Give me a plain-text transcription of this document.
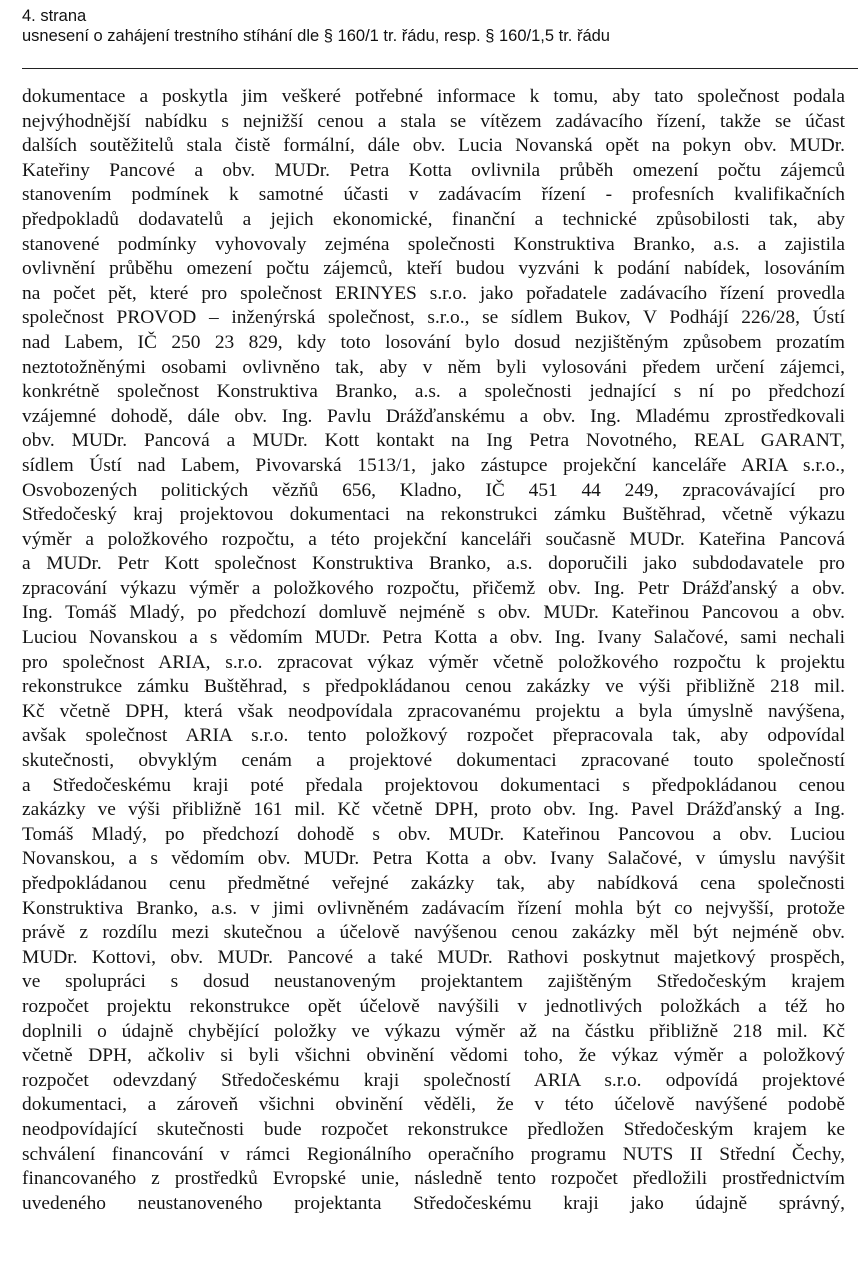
4. strana
usnesení o zahájení trestního stíhání dle § 160/1 tr. řádu, resp. § 160/1,5 tr. řádu
dokumentace a poskytla jim veškeré potřebné informace k tomu, aby tato společnost podala
nejvýhodnější nabídku s nejnižší cenou a stala se vítězem zadávacího řízení, takže se účast
dalších soutěžitelů stala čistě formální, dále obv. Lucia Novanská opět na pokyn obv. MUDr.
Kateřiny Pancové a obv. MUDr. Petra Kotta ovlivnila průběh omezení počtu zájemců
stanovením podmínek k samotné účasti v zadávacím řízení - profesních kvalifikačních
předpokladů dodavatelů a jejich ekonomické, finanční a technické způsobilosti tak, aby
stanovené podmínky vyhovovaly zejména společnosti Konstruktiva Branko, a.s. a zajistila
ovlivnění průběhu omezení počtu zájemců, kteří budou vyzváni k podání nabídek, losováním
na počet pět, které pro společnost ERINYES s.r.o. jako pořadatele zadávacího řízení provedla
společnost PROVOD – inženýrská společnost, s.r.o., se sídlem Bukov, V Podhájí 226/28, Ústí
nad Labem, IČ 250 23 829, kdy toto losování bylo dosud nezjištěným způsobem prozatím
neztotožněnými osobami ovlivněno tak, aby v něm byli vylosováni předem určení zájemci,
konkrétně společnost Konstruktiva Branko, a.s. a společnosti jednající s ní po předchozí
vzájemné dohodě, dále obv. Ing. Pavlu Drážďanskému a obv. Ing. Mladému zprostředkovali
obv. MUDr. Pancová a MUDr. Kott kontakt na Ing Petra Novotného, REAL GARANT,
sídlem Ústí nad Labem, Pivovarská 1513/1, jako zástupce projekční kanceláře ARIA s.r.o.,
Osvobozených politických vězňů 656, Kladno, IČ 451 44 249, zpracovávající pro
Středočeský kraj projektovou dokumentaci na rekonstrukci zámku Buštěhrad, včetně výkazu
výměr a položkového rozpočtu, a této projekční kanceláři současně MUDr. Kateřina Pancová
a MUDr. Petr Kott společnost Konstruktiva Branko, a.s. doporučili jako subdodavatele pro
zpracování výkazu výměr a položkového rozpočtu, přičemž obv. Ing. Petr Drážďanský a obv.
Ing. Tomáš Mladý, po předchozí domluvě nejméně s obv. MUDr. Kateřinou Pancovou a obv.
Luciou Novanskou a s vědomím MUDr. Petra Kotta a obv. Ing. Ivany Salačové, sami nechali
pro společnost ARIA, s.r.o. zpracovat výkaz výměr včetně položkového rozpočtu k projektu
rekonstrukce zámku Buštěhrad, s předpokládanou cenou zakázky ve výši přibližně 218 mil.
Kč včetně DPH, která však neodpovídala zpracovanému projektu a byla úmyslně navýšena,
avšak společnost ARIA s.r.o. tento položkový rozpočet přepracovala tak, aby odpovídal
skutečnosti, obvyklým cenám a projektové dokumentaci zpracované touto společností
a Středočeskému kraji poté předala projektovou dokumentaci s předpokládanou cenou
zakázky ve výši přibližně 161 mil. Kč včetně DPH, proto obv. Ing. Pavel Drážďanský a Ing.
Tomáš Mladý, po předchozí dohodě s obv. MUDr. Kateřinou Pancovou a obv. Luciou
Novanskou, a s vědomím obv. MUDr. Petra Kotta a obv. Ivany Salačové, v úmyslu navýšit
předpokládanou cenu předmětné veřejné zakázky tak, aby nabídková cena společnosti
Konstruktiva Branko, a.s. v jimi ovlivněném zadávacím řízení mohla být co nejvyšší, protože
právě z rozdílu mezi skutečnou a účelově navýšenou cenou zakázky měl být nejméně obv.
MUDr. Kottovi, obv. MUDr. Pancové a také MUDr. Rathovi poskytnut majetkový prospěch,
ve spolupráci s dosud neustanoveným projektantem zajištěným Středočeským krajem
rozpočet projektu rekonstrukce opět účelově navýšili v jednotlivých položkách a též ho
doplnili o údajně chybějící položky ve výkazu výměr až na částku přibližně 218 mil. Kč
včetně DPH, ačkoliv si byli všichni obvinění vědomi toho, že výkaz výměr a položkový
rozpočet odevzdaný Středočeskému kraji společností ARIA s.r.o. odpovídá projektové
dokumentaci, a zároveň všichni obvinění věděli, že v této účelově navýšené podobě
neodpovídající skutečnosti bude rozpočet rekonstrukce předložen Středočeským krajem ke
schválení financování v rámci Regionálního operačního programu NUTS II Střední Čechy,
financovaného z prostředků Evropské unie, následně tento rozpočet předložili prostřednictvím
uvedeného neustanoveného projektanta Středočeskému kraji jako údajně správný,
